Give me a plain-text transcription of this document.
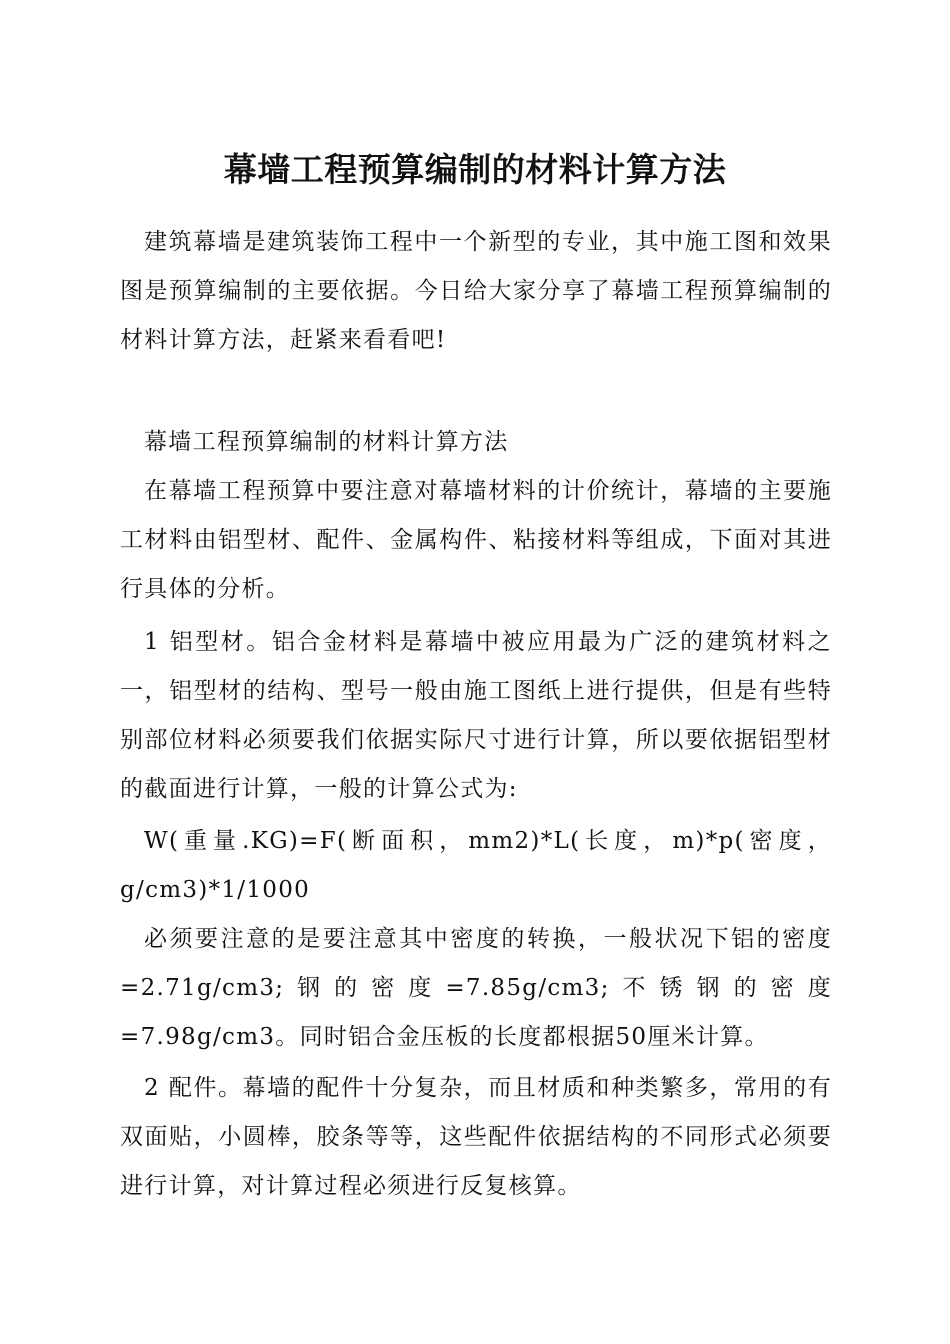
幕墙工程预算编制的材料计算方法

建筑幕墙是建筑装饰工程中一个新型的专业，其中施工图和效果图是预算编制的主要依据。今日给大家分享了幕墙工程预算编制的材料计算方法，赶紧来看看吧!

幕墙工程预算编制的材料计算方法

在幕墙工程预算中要注意对幕墙材料的计价统计，幕墙的主要施工材料由铝型材、配件、金属构件、粘接材料等组成，下面对其进行具体的分析。

1 铝型材。铝合金材料是幕墙中被应用最为广泛的建筑材料之一，铝型材的结构、型号一般由施工图纸上进行提供，但是有些特别部位材料必须要我们依据实际尺寸进行计算，所以要依据铝型材的截面进行计算，一般的计算公式为:

W(重量.KG)=F(断面积，mm2)*L(长度，m)*p(密度，g/cm3)*1/1000

必须要注意的是要注意其中密度的转换，一般状况下铝的密度=2.71g/cm3;钢的密度=7.85g/cm3;不锈钢的密度=7.98g/cm3。同时铝合金压板的长度都根据50厘米计算。

2 配件。幕墙的配件十分复杂，而且材质和种类繁多，常用的有双面贴，小圆棒，胶条等等，这些配件依据结构的不同形式必须要进行计算，对计算过程必须进行反复核算。
